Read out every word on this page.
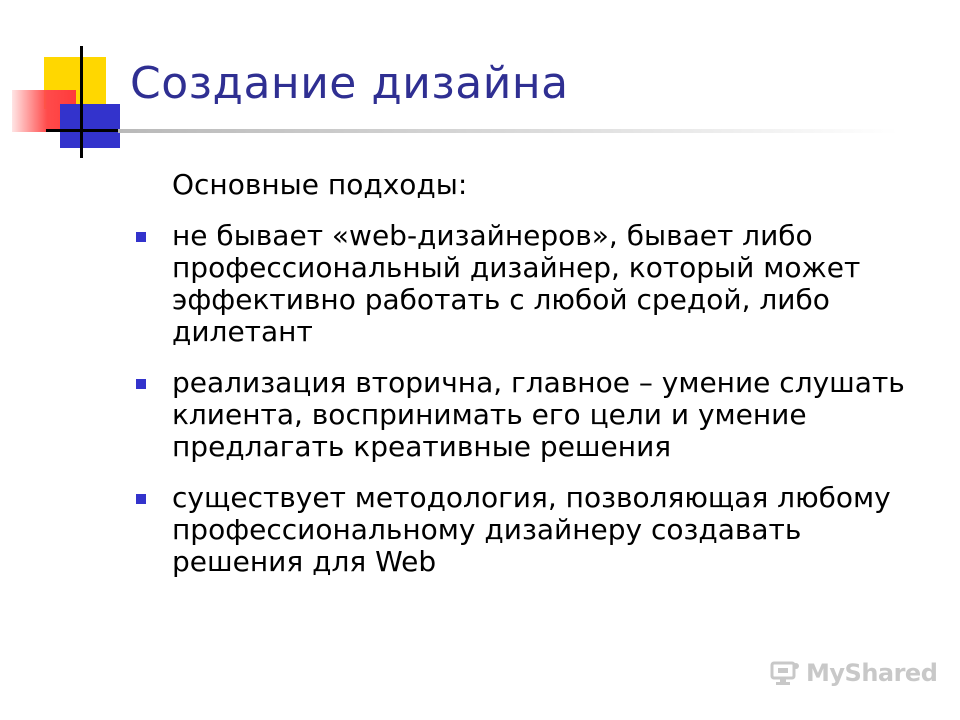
Создание дизайна
Основные подходы:
не бывает «web-дизайнеров», бывает либо профессиональный дизайнер, который может эффективно работать с любой средой, либо дилетант
реализация вторична, главное – умение слушать клиента, воспринимать его цели и умение предлагать креативные решения
существует методология, позволяющая любому профессиональному дизайнеру создавать решения для Web
MyShared
